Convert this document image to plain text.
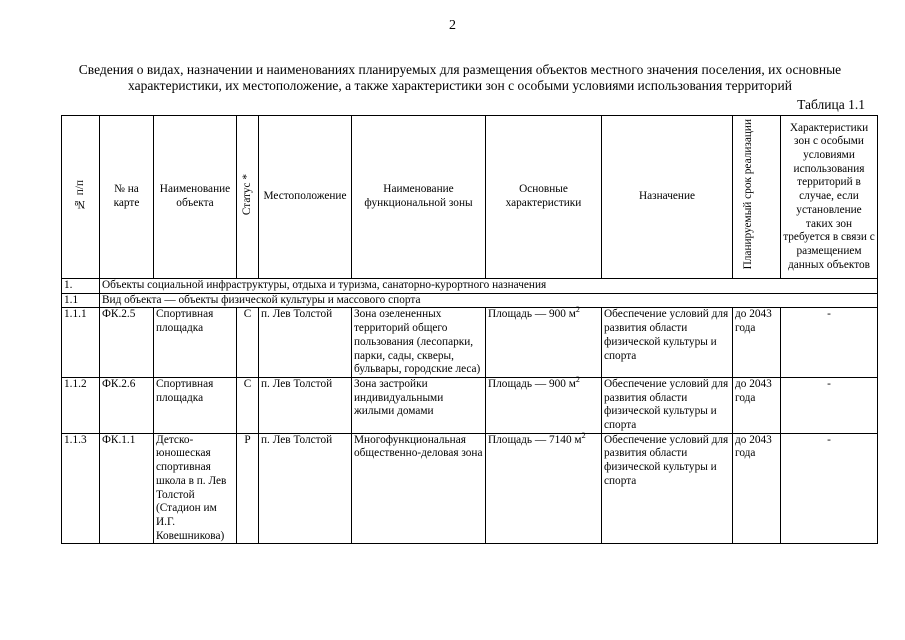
2
Сведения о видах, назначении и наименованиях планируемых для размещения объектов местного значения поселения, их основные характеристики, их местоположение, а также характеристики зон с особыми условиями использования территорий
Таблица 1.1
№ п/п	№ на карте	Наименование объекта	Статус *	Местоположение	Наименование функциональной зоны	Основные характеристики	Назначение	Планируемый срок реализации	Характеристики зон с особыми условиями использования территорий в случае, если установление таких зон требуется в связи с размещением данных объектов
1.	Объекты социальной инфраструктуры, отдыха и туризма, санаторно-курортного назначения								
1.1	Вид объекта — объекты физической культуры и массового спорта								
1.1.1	ФК.2.5	Спортивная площадка	С	п. Лев Толстой	Зона озелененных территорий общего пользования (лесопарки, парки, сады, скверы, бульвары, городские леса)	Площадь — 900 $м^2$	Обеспечение условий для развития области физической культуры и спорта	до 2043 года	-
1.1.2	ФК.2.6	Спортивная площадка	С	п. Лев Толстой	Зона застройки индивидуальными жилыми домами	Площадь — 900 $м^2$	Обеспечение условий для развития области физической культуры и спорта	до 2043 года	-
1.1.3	ФК.1.1	Детско-юношеская спортивная школа в п. Лев Толстой (Стадион им И.Г. Ковешникова)	Р	п. Лев Толстой	Многофункциональная общественно-деловая зона	Площадь — 7140 $м^2$	Обеспечение условий для развития области физической культуры и спорта	до 2043 года	-
